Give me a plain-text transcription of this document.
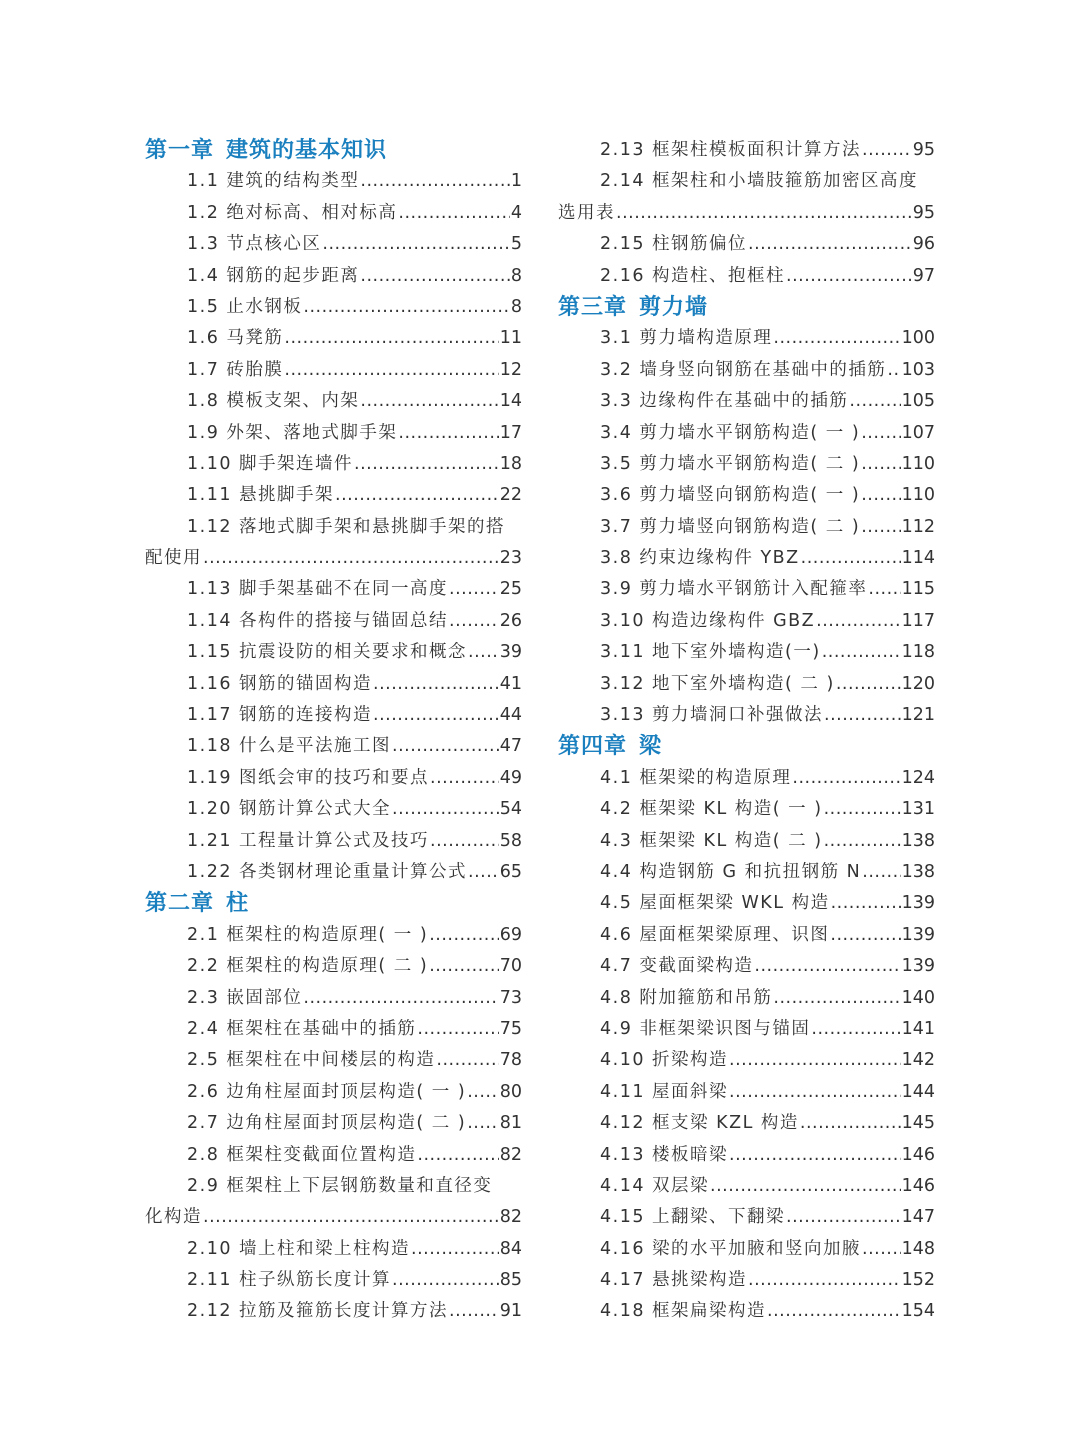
第一章 建筑的基本知识
1.1 建筑的结构类型 .....	1
1.2 绝对标高、相对标高 .....	4
1.3 节点核心区 .....	5
1.4 钢筋的起步距离 .....	8
1.5 止水钢板 .....	8
1.6 马凳筋 .....	11
1.7 砖胎膜 .....	12
1.8 模板支架、内架 .....	14
1.9 外架、落地式脚手架 .....	17
1.10 脚手架连墙件 .....	18
1.11 悬挑脚手架 .....	22
1.12 落地式脚手架和悬挑脚手架的搭
配使用 .....	23
1.13 脚手架基础不在同一高度 .....	25
1.14 各构件的搭接与锚固总结 .....	26
1.15 抗震设防的相关要求和概念 ..... 39
1.16 钢筋的锚固构造 .....	41
1.17 钢筋的连接构造 .....	44
1.18 什么是平法施工图 .....	47
1.19 图纸会审的技巧和要点 .....	49
1.20 钢筋计算公式大全 .....	54
1.21 工程量计算公式及技巧 .....	58
1.22 各类钢材理论重量计算公式 ..... 65
第二章 柱
2.1 框架柱的构造原理( 一 ) .....	69
2.2 框架柱的构造原理( 二 ) .....	70
2.3 嵌固部位 .....	73
2.4 框架柱在基础中的插筋 .....	75
2.5 框架柱在中间楼层的构造 .....	78
2.6 边角柱屋面封顶层构造( 一 ) ..... 80
2.7 边角柱屋面封顶层构造( 二 ) ..... 81
2.8 框架柱变截面位置构造 .....	82
2.9 框架柱上下层钢筋数量和直径变
化构造 .....	82
2.10 墙上柱和梁上柱构造 .....	84
2.11 柱子纵筋长度计算 .....	85
2.12 拉筋及箍筋长度计算方法 .....	91
2.13 框架柱模板面积计算方法 .....	95
2.14 框架柱和小墙肢箍筋加密区高度
选用表 .....	95
2.15 柱钢筋偏位 .....	96
2.16 构造柱、抱框柱 .....	97
第三章 剪力墙
3.1 剪力墙构造原理 .....	100
3.2 墙身竖向钢筋在基础中的插筋 ..... 103
3.3 边缘构件在基础中的插筋 .....	105
3.4 剪力墙水平钢筋构造( 一 ) ..... 107
3.5 剪力墙水平钢筋构造( 二 ) ..... 110
3.6 剪力墙竖向钢筋构造( 一 ) ..... 110
3.7 剪力墙竖向钢筋构造( 二 ) ..... 112
3.8 约束边缘构件 YBZ .....	114
3.9 剪力墙水平钢筋计入配箍率 ..... 115
3.10 构造边缘构件 GBZ .....	117
3.11 地下室外墙构造(一) .....	118
3.12 地下室外墙构造( 二 ) .....	120
3.13 剪力墙洞口补强做法 .....	121
第四章 梁
4.1 框架梁的构造原理 .....	124
4.2 框架梁 KL 构造( 一 ) .....	131
4.3 框架梁 KL 构造( 二 ) .....	138
4.4 构造钢筋 G 和抗扭钢筋 N ..... 138
4.5 屋面框架梁 WKL 构造 .....	139
4.6 屋面框架梁原理、识图 .....	139
4.7 变截面梁构造 .....	139
4.8 附加箍筋和吊筋 .....	140
4.9 非框架梁识图与锚固 .....	141
4.10 折梁构造 .....	142
4.11 屋面斜梁 .....	144
4.12 框支梁 KZL 构造 .....	145
4.13 楼板暗梁 .....	146
4.14 双层梁 .....	146
4.15 上翻梁、下翻梁 .....	147
4.16 梁的水平加腋和竖向加腋 ..... 148
4.17 悬挑梁构造 .....	152
4.18 框架扁梁构造 .....	154
